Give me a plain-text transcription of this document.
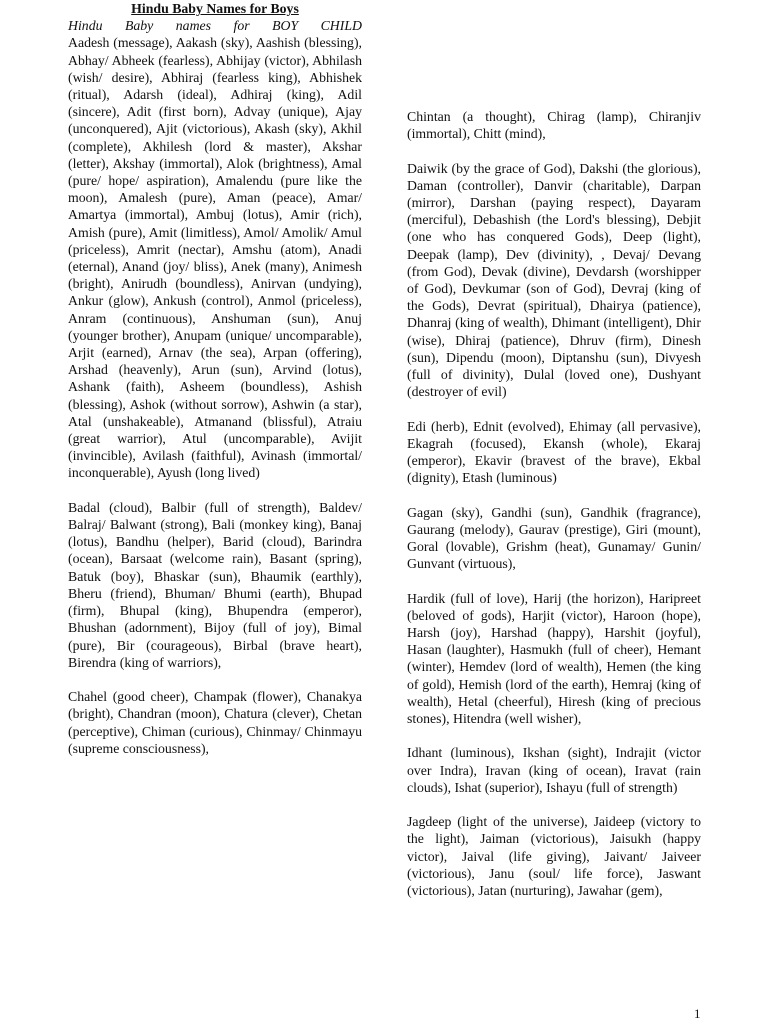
Hindu Baby Names for Boys

Hindu Baby names for BOY CHILD

Aadesh (message), Aakash (sky), Aashish (blessing), Abhay/ Abheek (fearless), Abhijay (victor), Abhilash (wish/ desire), Abhiraj (fearless king), Abhishek (ritual), Adarsh (ideal), Adhiraj (king), Adil (sincere), Adit (first born), Advay (unique), Ajay (unconquered), Ajit (victorious), Akash (sky), Akhil (complete), Akhilesh (lord & master), Akshar (letter), Akshay (immortal), Alok (brightness), Amal (pure/ hope/ aspiration), Amalendu (pure like the moon), Amalesh (pure), Aman (peace), Amar/ Amartya (immortal), Ambuj (lotus), Amir (rich), Amish (pure), Amit (limitless), Amol/ Amolik/ Amul (priceless), Amrit (nectar), Amshu (atom), Anadi (eternal), Anand (joy/ bliss), Anek (many), Animesh (bright), Anirudh (boundless), Anirvan (undying), Ankur (glow), Ankush (control), Anmol (priceless), Anram (continuous), Anshuman (sun), Anuj (younger brother), Anupam (unique/ uncomparable), Arjit (earned), Arnav (the sea), Arpan (offering), Arshad (heavenly), Arun (sun), Arvind (lotus), Ashank (faith), Asheem (boundless), Ashish (blessing), Ashok (without sorrow), Ashwin (a star), Atal (unshakeable), Atmanand (blissful), Atraiu (great warrior), Atul (uncomparable), Avijit (invincible), Avilash (faithful), Avinash (immortal/ inconquerable), Ayush (long lived)

Badal (cloud), Balbir (full of strength), Baldev/ Balraj/ Balwant (strong), Bali (monkey king), Banaj (lotus), Bandhu (helper), Barid (cloud), Barindra (ocean), Barsaat (welcome rain), Basant (spring), Batuk (boy), Bhaskar (sun), Bhaumik (earthly), Bheru (friend), Bhuman/ Bhumi (earth), Bhupad (firm), Bhupal (king), Bhupendra (emperor), Bhushan (adornment), Bijoy (full of joy), Bimal (pure), Bir (courageous), Birbal (brave heart), Birendra (king of warriors),

Chahel (good cheer), Champak (flower), Chanakya (bright), Chandran (moon), Chatura (clever), Chetan (perceptive), Chiman (curious), Chinmay/ Chinmayu (supreme consciousness),

Chintan (a thought), Chirag (lamp), Chiranjiv (immortal), Chitt (mind),

Daiwik (by the grace of God), Dakshi (the glorious), Daman (controller), Danvir (charitable), Darpan (mirror), Darshan (paying respect), Dayaram (merciful), Debashish (the Lord's blessing), Debjit (one who has conquered Gods), Deep (light), Deepak (lamp), Dev (divinity), , Devaj/ Devang (from God), Devak (divine), Devdarsh (worshipper of God), Devkumar (son of God), Devraj (king of the Gods), Devrat (spiritual), Dhairya (patience), Dhanraj (king of wealth), Dhimant (intelligent), Dhir (wise), Dhiraj (patience), Dhruv (firm), Dinesh (sun), Dipendu (moon), Diptanshu (sun), Divyesh (full of divinity), Dulal (loved one), Dushyant (destroyer of evil)

Edi (herb), Ednit (evolved), Ehimay (all pervasive), Ekagrah (focused), Ekansh (whole), Ekaraj (emperor), Ekavir (bravest of the brave), Ekbal (dignity), Etash (luminous)

Gagan (sky), Gandhi (sun), Gandhik (fragrance), Gaurang (melody), Gaurav (prestige), Giri (mount), Goral (lovable), Grishm (heat), Gunamay/ Gunin/ Gunvant (virtuous),

Hardik (full of love), Harij (the horizon), Haripreet (beloved of gods), Harjit (victor), Haroon (hope), Harsh (joy), Harshad (happy), Harshit (joyful), Hasan (laughter), Hasmukh (full of cheer), Hemant (winter), Hemdev (lord of wealth), Hemen (the king of gold), Hemish (lord of the earth), Hemraj (king of wealth), Hetal (cheerful), Hiresh (king of precious stones), Hitendra (well wisher),

Idhant (luminous), Ikshan (sight), Indrajit (victor over Indra), Iravan (king of ocean), Iravat (rain clouds), Ishat (superior), Ishayu (full of strength)

Jagdeep (light of the universe), Jaideep (victory to the light), Jaiman (victorious), Jaisukh (happy victor), Jaival (life giving), Jaivant/ Jaiveer (victorious), Janu (soul/ life force), Jaswant (victorious), Jatan (nurturing), Jawahar (gem),

1
